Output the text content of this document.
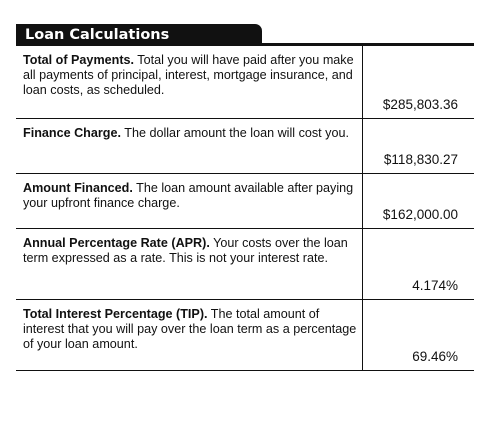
Loan Calculations
Total of Payments. Total you will have paid after you make all payments of principal, interest, mortgage insurance, and loan costs, as scheduled.	$285,803.36
Finance Charge. The dollar amount the loan will cost you.	$118,830.27
Amount Financed. The loan amount available after paying your upfront finance charge.	$162,000.00
Annual Percentage Rate (APR). Your costs over the loan term expressed as a rate. This is not your interest rate.	4.174%
Total Interest Percentage (TIP). The total amount of interest that you will pay over the loan term as a percentage of your loan amount.	69.46%
